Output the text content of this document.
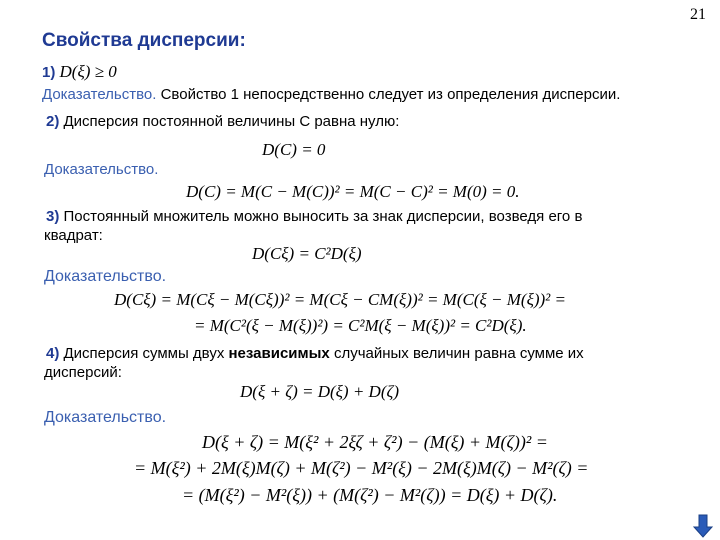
21
Свойства дисперсии:
1) D(ξ) ≥ 0
Доказательство. Свойство 1 непосредственно следует из определения дисперсии.
2) Дисперсия постоянной величины C равна нулю:
D(C) = 0
Доказательство.
D(C) = M(C − M(C))² = M(C − C)² = M(0) = 0.
3) Постоянный множитель можно выносить за знак дисперсии, возведя его в
квадрат:
D(Cξ) = C²D(ξ)
Доказательство.
D(Cξ) = M(Cξ − M(Cξ))² = M(Cξ − CM(ξ))² = M(C(ξ − M(ξ))² =
= M(C²(ξ − M(ξ))²) = C²M(ξ − M(ξ))² = C²D(ξ).
4) Дисперсия суммы двух независимых случайных величин равна сумме их
дисперсий:
D(ξ + ζ) = D(ξ) + D(ζ)
Доказательство.
D(ξ + ζ) = M(ξ² + 2ξζ + ζ²) − (M(ξ) + M(ζ))² =
= M(ξ²) + 2M(ξ)M(ζ) + M(ζ²) − M²(ξ) − 2M(ξ)M(ζ) − M²(ζ) =
= (M(ξ²) − M²(ξ)) + (M(ζ²) − M²(ζ)) = D(ξ) + D(ζ).
